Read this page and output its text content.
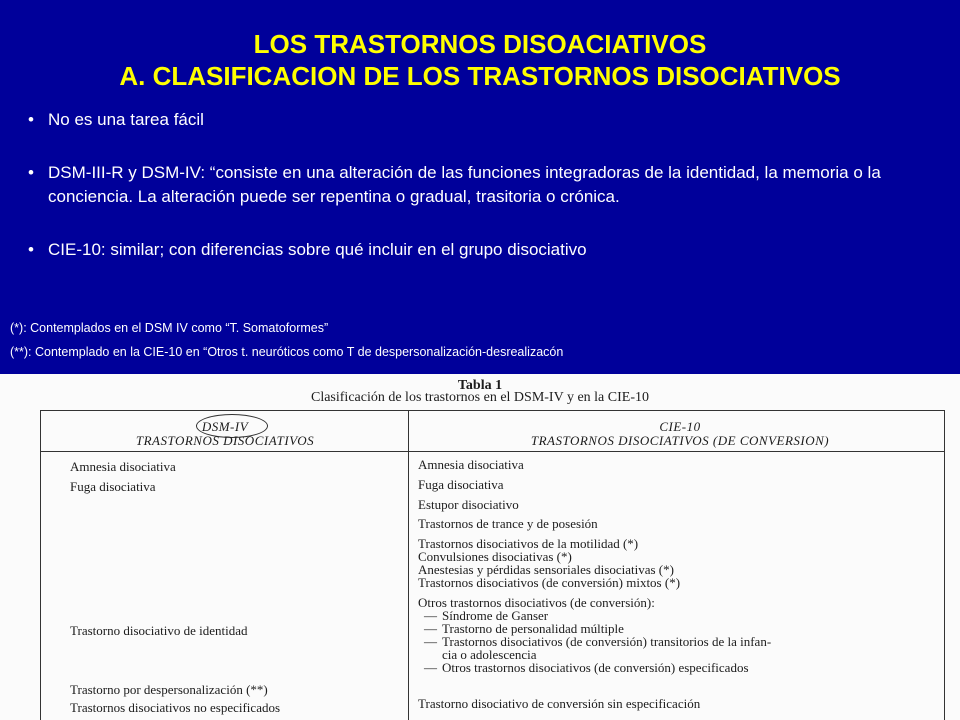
LOS TRASTORNOS DISOACIATIVOS
A. CLASIFICACION DE LOS TRASTORNOS DISOCIATIVOS
• No es una tarea fácil
• DSM-III-R y DSM-IV: “consiste en una alteración de las funciones integradoras de la identidad, la memoria o la conciencia. La alteración puede ser repentina o gradual, trasitoria o crónica.
• CIE-10: similar; con diferencias sobre qué incluir en el grupo disociativo
(*): Contemplados en el DSM IV como “T. Somatoformes”
(**): Contemplado en la CIE-10 en “Otros t. neuróticos como T de despersonalización-desrealizacón
Tabla 1
Clasificación de los trastornos en el DSM-IV y en la CIE-10
DSM-IV
TRASTORNOS DISOCIATIVOS
CIE-10
TRASTORNOS DISOCIATIVOS (DE CONVERSION)
Amnesia disociativa
Fuga disociativa
Trastorno disociativo de identidad
Trastorno por despersonalización (**)
Trastornos disociativos no especificados
Amnesia disociativa
Fuga disociativa
Estupor disociativo
Trastornos de trance y de posesión
Trastornos disociativos de la motilidad (*)
Convulsiones disociativas (*)
Anestesias y pérdidas sensoriales disociativas (*)
Trastornos disociativos (de conversión) mixtos (*)
Otros trastornos disociativos (de conversión):
— Síndrome de Ganser
— Trastorno de personalidad múltiple
— Trastornos disociativos (de conversión) transitorios de la infan-
cia o adolescencia
— Otros trastornos disociativos (de conversión) especificados
Trastorno disociativo de conversión sin especificación
